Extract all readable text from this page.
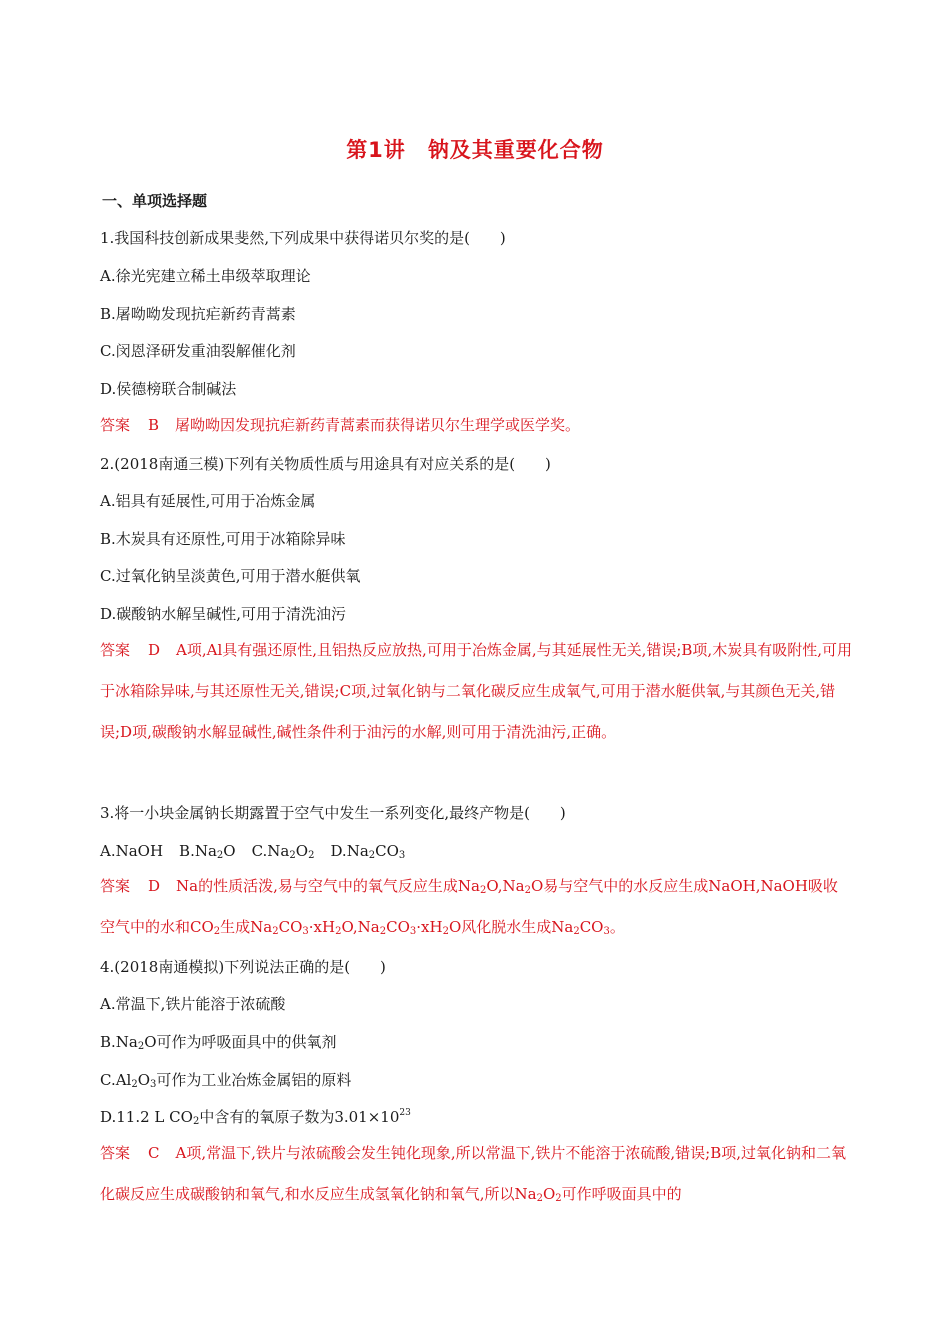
第1讲 钠及其重要化合物
一、单项选择题
1.我国科技创新成果斐然,下列成果中获得诺贝尔奖的是(　　)
A.徐光宪建立稀土串级萃取理论
B.屠呦呦发现抗疟新药青蒿素
C.闵恩泽研发重油裂解催化剂
D.侯德榜联合制碱法
答案 B 屠呦呦因发现抗疟新药青蒿素而获得诺贝尔生理学或医学奖。
2.(2018南通三模)下列有关物质性质与用途具有对应关系的是(　　)
A.铝具有延展性,可用于冶炼金属
B.木炭具有还原性,可用于冰箱除异味
C.过氧化钠呈淡黄色,可用于潜水艇供氧
D.碳酸钠水解呈碱性,可用于清洗油污
答案 D A项,Al具有强还原性,且铝热反应放热,可用于冶炼金属,与其延展性无关,错误;B项,木炭具有吸附性,可用于冰箱除异味,与其还原性无关,错误;C项,过氧化钠与二氧化碳反应生成氧气,可用于潜水艇供氧,与其颜色无关,错误;D项,碳酸钠水解显碱性,碱性条件利于油污的水解,则可用于清洗油污,正确。
3.将一小块金属钠长期露置于空气中发生一系列变化,最终产物是(　　)
A.NaOH $B.Na_2O$ $C.Na_2O_2$ $D.Na_2CO_3$
答案 D Na的性质活泼,易与空气中的氧气反应生成$Na_2O,Na_2O$易与空气中的水反应生成NaOH,NaOH吸收空气中的水和$CO_2$生成$Na_2CO_3\cdot xH_2O,Na_2CO_3\cdot xH_2O$风化脱水生成$Na_2CO_3$。
4.(2018南通模拟)下列说法正确的是(　　)
A.常温下,铁片能溶于浓硫酸
$B.Na_2O$可作为呼吸面具中的供氧剂
$C.Al_2O_3$可作为工业冶炼金属铝的原料
D.11.2 L $CO_2$中含有的氧原子数为$3.01\times 10^{23}$
答案 C A项,常温下,铁片与浓硫酸会发生钝化现象,所以常温下,铁片不能溶于浓硫酸,错误;B项,过氧化钠和二氧化碳反应生成碳酸钠和氧气,和水反应生成氢氧化钠和氧气,所以$Na_2O_2$可作呼吸面具中的
